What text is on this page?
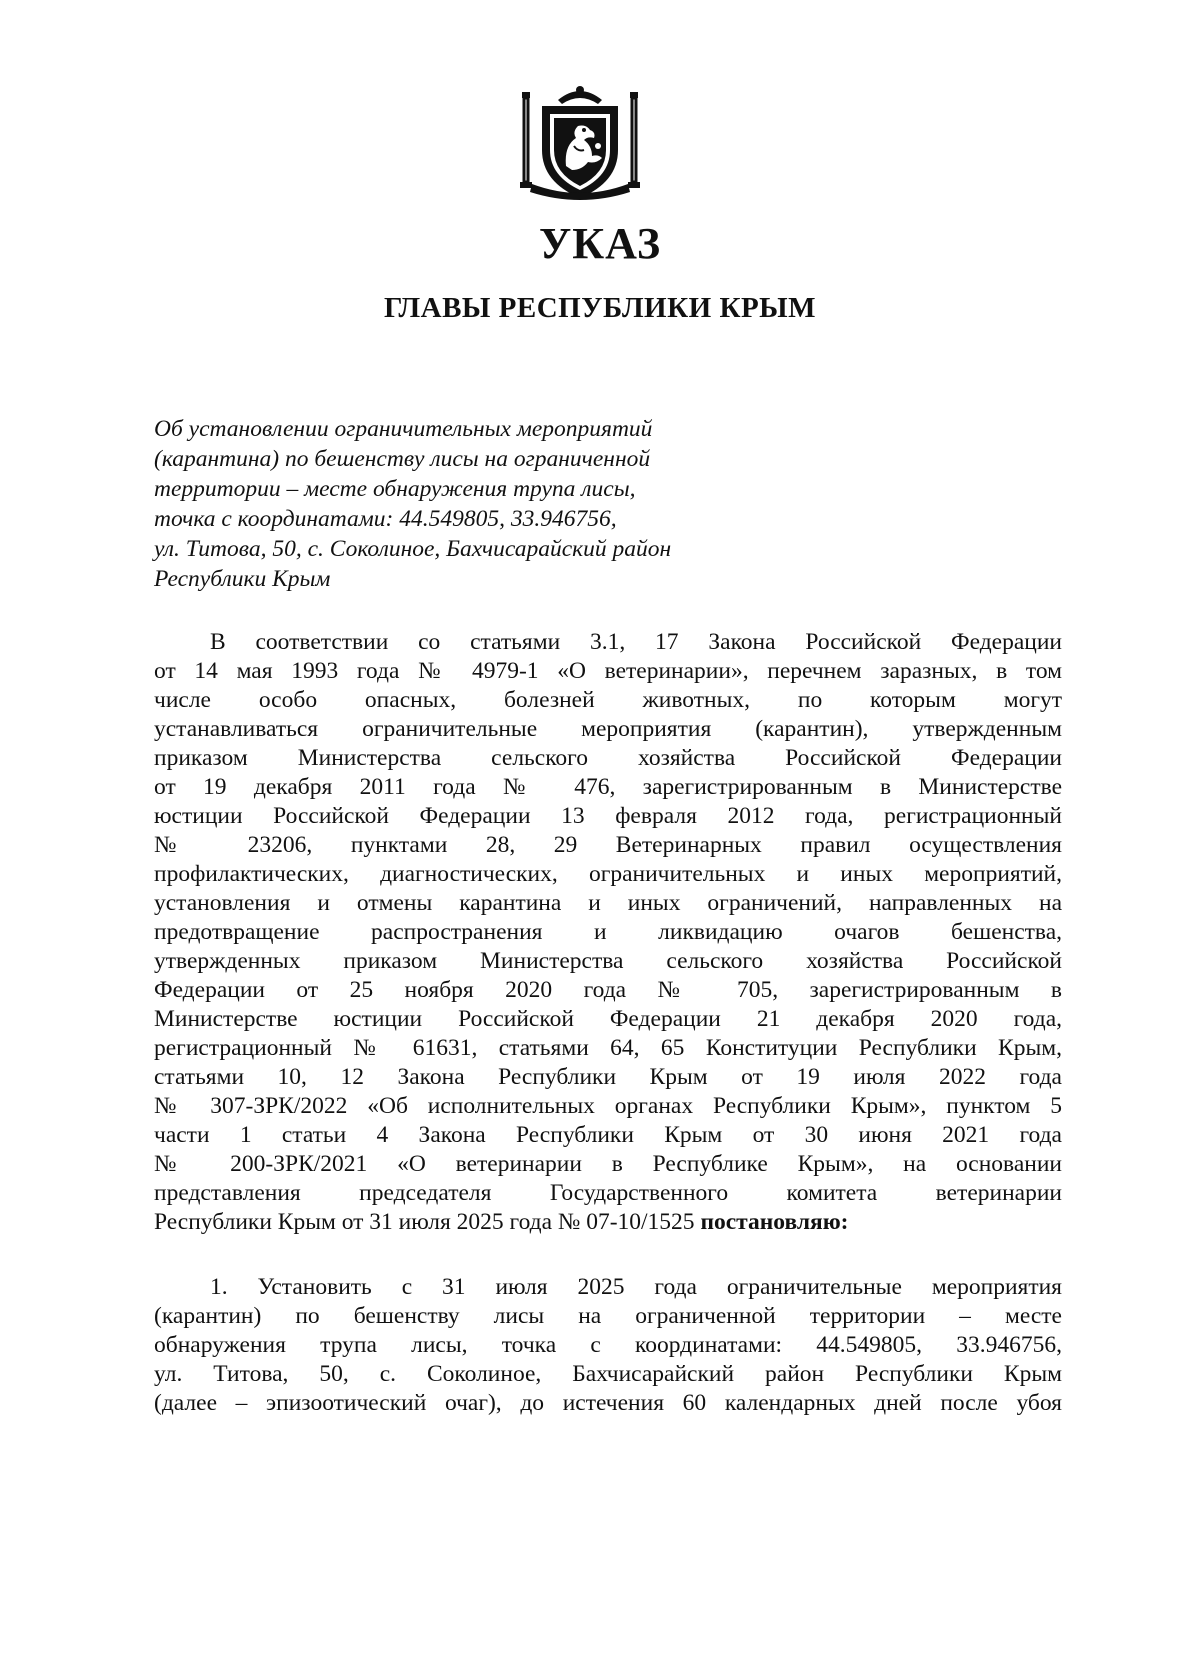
УКАЗ
ГЛАВЫ РЕСПУБЛИКИ КРЫМ
Об установлении ограничительных мероприятий
(карантина) по бешенству лисы на ограниченной
территории – месте обнаружения трупа лисы,
точка с координатами: 44.549805, 33.946756,
ул. Титова, 50, с. Соколиное, Бахчисарайский район
Республики Крым

В соответствии со статьями 3.1, 17 Закона Российской Федерации
от 14 мая 1993 года № 4979-1 «О ветеринарии», перечнем заразных, в том
числе особо опасных, болезней животных, по которым могут
устанавливаться ограничительные мероприятия (карантин), утвержденным
приказом Министерства сельского хозяйства Российской Федерации
от 19 декабря 2011 года № 476, зарегистрированным в Министерстве
юстиции Российской Федерации 13 февраля 2012 года, регистрационный
№ 23206, пунктами 28, 29 Ветеринарных правил осуществления
профилактических, диагностических, ограничительных и иных мероприятий,
установления и отмены карантина и иных ограничений, направленных на
предотвращение распространения и ликвидацию очагов бешенства,
утвержденных приказом Министерства сельского хозяйства Российской
Федерации от 25 ноября 2020 года № 705, зарегистрированным в
Министерстве юстиции Российской Федерации 21 декабря 2020 года,
регистрационный № 61631, статьями 64, 65 Конституции Республики Крым,
статьями 10, 12 Закона Республики Крым от 19 июля 2022 года
№ 307-ЗРК/2022 «Об исполнительных органах Республики Крым», пунктом 5
части 1 статьи 4 Закона Республики Крым от 30 июня 2021 года
№ 200-ЗРК/2021 «О ветеринарии в Республике Крым», на основании
представления председателя Государственного комитета ветеринарии
Республики Крым от 31 июля 2025 года № 07-10/1525 постановляю:

1. Установить с 31 июля 2025 года ограничительные мероприятия
(карантин) по бешенству лисы на ограниченной территории – месте
обнаружения трупа лисы, точка с координатами: 44.549805, 33.946756,
ул. Титова, 50, с. Соколиное, Бахчисарайский район Республики Крым
(далее – эпизоотический очаг), до истечения 60 календарных дней после убоя
